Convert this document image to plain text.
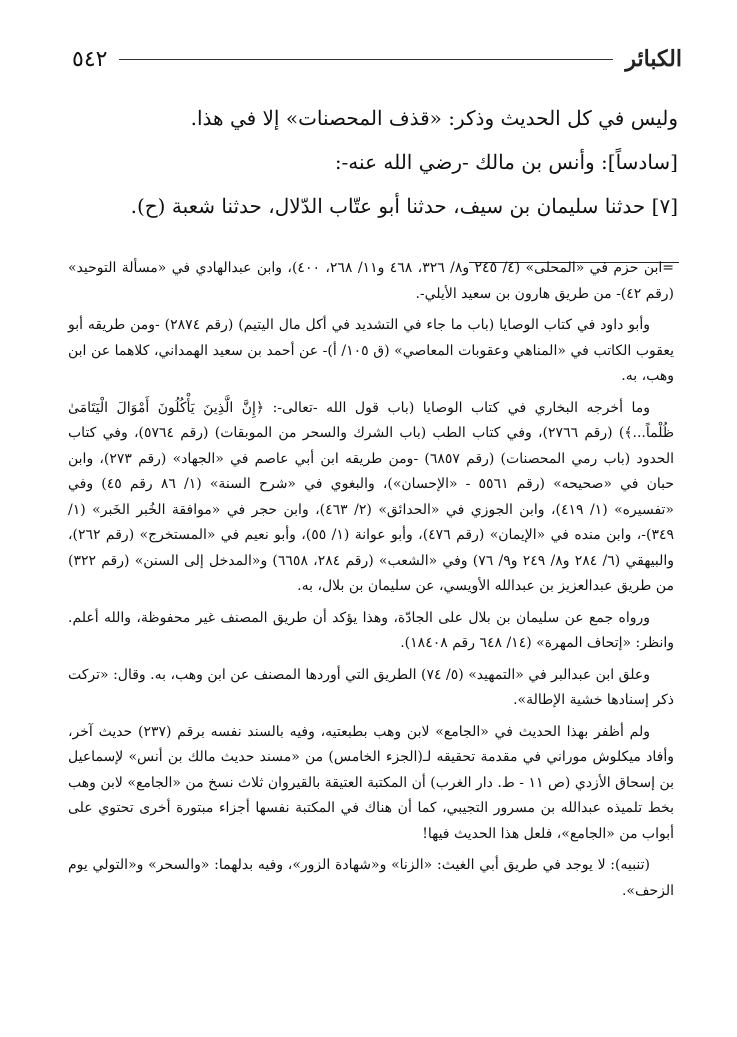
٥٤٢	الكبائر

وليس في كل الحديث وذكر: «قذف المحصنات» إلا في هذا.

[سادساً]: وأنس بن مالك -رضي الله عنه-:

[٧] حدثنا سليمان بن سيف، حدثنا أبو عتّاب الدّلال، حدثنا شعبة (ح).

=ابن حزم في «المحلى» (٤/ ٢٤٥ و٨/ ٣٢٦، ٤٦٨ و١١/ ٢٦٨، ٤٠٠)، وابن عبدالهادي في «مسألة التوحيد» (رقم ٤٢)- من طريق هارون بن سعيد الأيلي-.

وأبو داود في كتاب الوصايا (باب ما جاء في التشديد في أكل مال اليتيم) (رقم ٢٨٧٤) -ومن طريقه أبو يعقوب الكاتب في «المناهي وعقوبات المعاصي» (ق ١٠٥/ أ)- عن أحمد بن سعيد الهمداني، كلاهما عن ابن وهب، به.

وما أخرجه البخاري في كتاب الوصايا (باب قول الله -تعالى-: ﴿إِنَّ الَّذِينَ يَأْكُلُونَ أَمْوَالَ الْيَتَامَىٰ ظُلْماً...﴾) (رقم ٢٧٦٦)، وفي كتاب الطب (باب الشرك والسحر من الموبقات) (رقم ٥٧٦٤)، وفي كتاب الحدود (باب رمي المحصنات) (رقم ٦٨٥٧) -ومن طريقه ابن أبي عاصم في «الجهاد» (رقم ٢٧٣)، وابن حبان في «صحيحه» (رقم ٥٥٦١ - «الإحسان»)، والبغوي في «شرح السنة» (١/ ٨٦ رقم ٤٥) وفي «تفسيره» (١/ ٤١٩)، وابن الجوزي في «الحدائق» (٢/ ٤٦٣)، وابن حجر في «موافقة الخُبر الخَبر» (١/ ٣٤٩)-، وابن منده في «الإيمان» (رقم ٤٧٦)، وأبو عوانة (١/ ٥٥)، وأبو نعيم في «المستخرج» (رقم ٢٦٢)، والبيهقي (٦/ ٢٨٤ و٨/ ٢٤٩ و٩/ ٧٦) وفي «الشعب» (رقم ٢٨٤، ٦٦٥٨) و«المدخل إلى السنن» (رقم ٣٢٢) من طريق عبدالعزيز بن عبدالله الأويسي، عن سليمان بن بلال، به.

ورواه جمع عن سليمان بن بلال على الجادّة، وهذا يؤكد أن طريق المصنف غير محفوظة، والله أعلم. وانظر: «إتحاف المهرة» (١٤/ ٦٤٨ رقم ١٨٤٠٨).

وعلق ابن عبدالبر في «التمهيد» (٥/ ٧٤) الطريق التي أوردها المصنف عن ابن وهب، به. وقال: «تركت ذكر إسنادها خشية الإطالة».

ولم أظفر بهذا الحديث في «الجامع» لابن وهب بطبعتيه، وفيه بالسند نفسه برقم (٢٣٧) حديث آخر، وأفاد ميكلوش موراني في مقدمة تحقيقه لـ(الجزء الخامس) من «مسند حديث مالك بن أنس» لإسماعيل بن إسحاق الأزدي (ص ١١ - ط. دار الغرب) أن المكتبة العتيقة بالقيروان ثلاث نسخ من «الجامع» لابن وهب بخط تلميذه عبدالله بن مسرور التجيبي، كما أن هناك في المكتبة نفسها أجزاء مبتورة أخرى تحتوي على أبواب من «الجامع»، فلعل هذا الحديث فيها!

(تنبيه): لا يوجد في طريق أبي الغيث: «الزنا» و«شهادة الزور»، وفيه بدلهما: «والسحر» و«التولي يوم الزحف».
